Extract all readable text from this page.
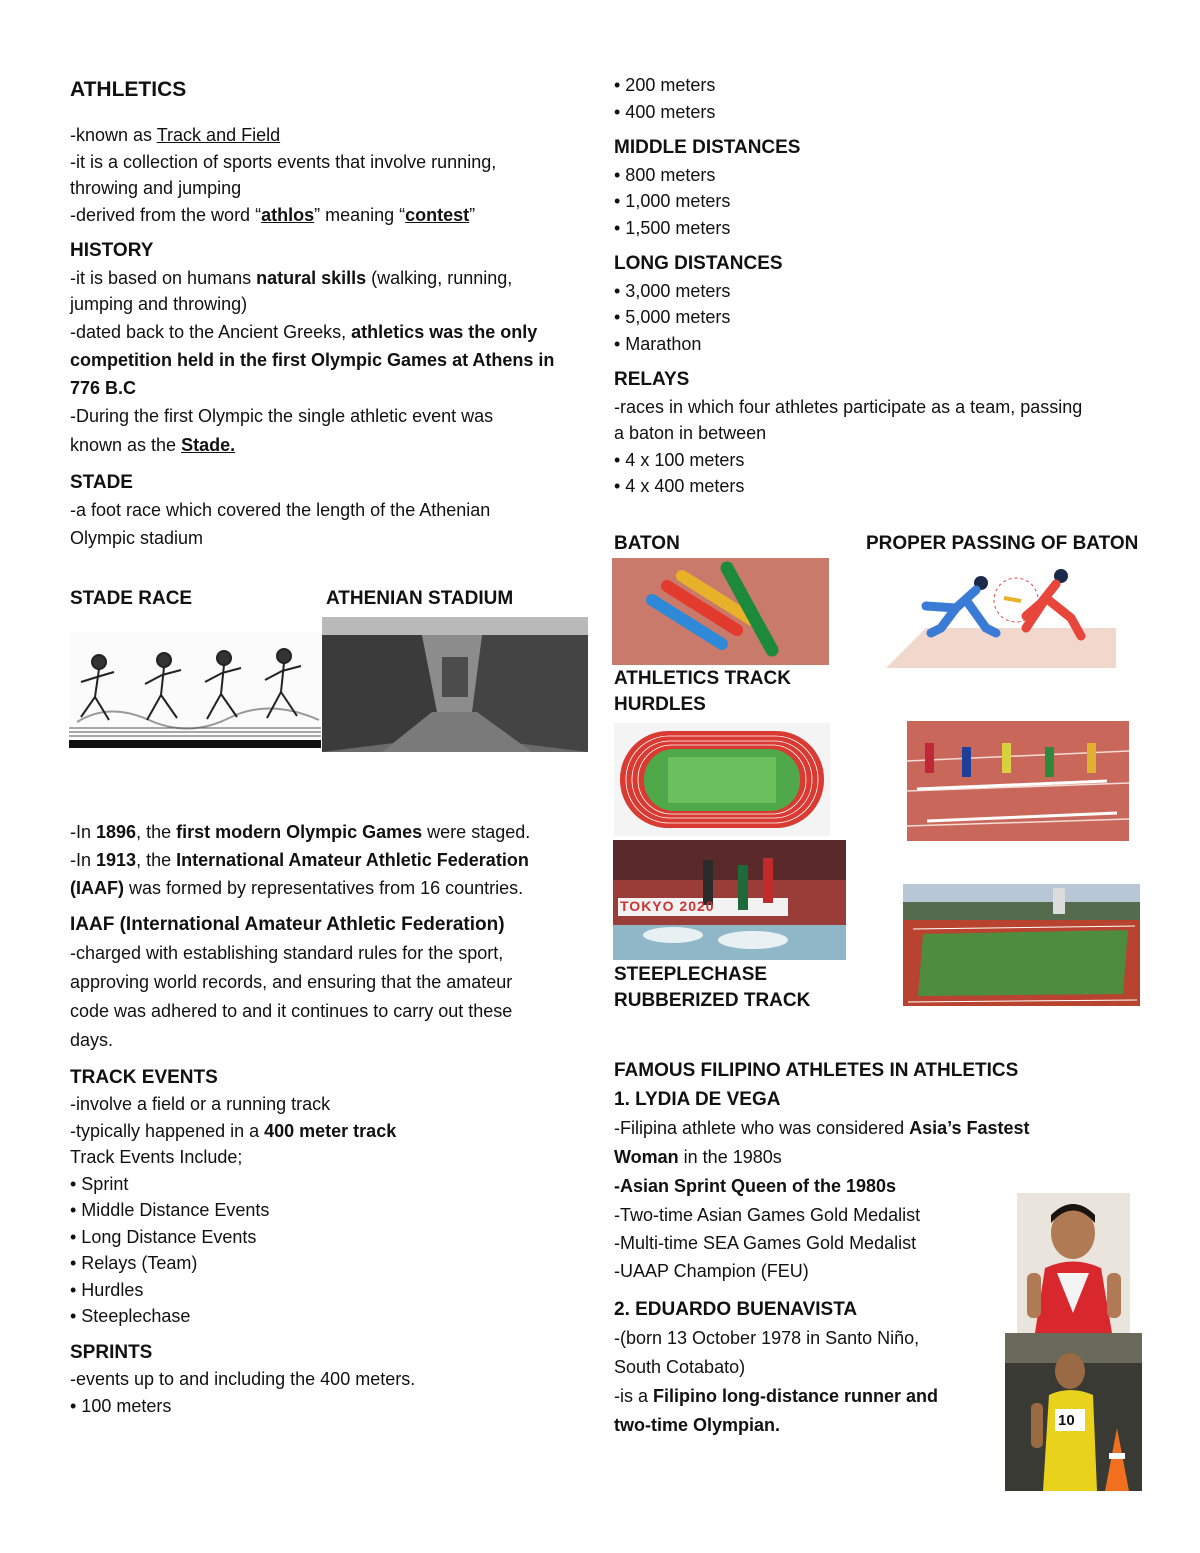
ATHLETICS

-known as Track and Field

-it is a collection of sports events that involve running,

throwing and jumping

-derived from the word “athlos” meaning “contest”

HISTORY

-it is based on humans natural skills (walking, running,

jumping and throwing)

-dated back to the Ancient Greeks, athletics was the only

competition held in the first Olympic Games at Athens in

776 B.C

-During the first Olympic the single athletic event was

known as the Stade.

STADE

-a foot race which covered the length of the Athenian

Olympic stadium

STADE RACE	ATHENIAN STADIUM

-In 1896, the first modern Olympic Games were staged.

-In 1913, the International Amateur Athletic Federation

(IAAF) was formed by representatives from 16 countries.

IAAF (International Amateur Athletic Federation)

-charged with establishing standard rules for the sport,

approving world records, and ensuring that the amateur

code was adhered to and it continues to carry out these

days.

TRACK EVENTS

-involve a field or a running track

-typically happened in a 400 meter track

Track Events Include;

• Sprint

• Middle Distance Events

• Long Distance Events

• Relays (Team)

• Hurdles

• Steeplechase

SPRINTS

-events up to and including the 400 meters.

• 100 meters

• 200 meters

• 400 meters

MIDDLE DISTANCES

• 800 meters

• 1,000 meters

• 1,500 meters

LONG DISTANCES

• 3,000 meters

• 5,000 meters

• Marathon

RELAYS

-races in which four athletes participate as a team, passing

a baton in between

• 4 x 100 meters

• 4 x 400 meters

BATON	PROPER PASSING OF BATON
ATHLETICS TRACK
HURDLES
TOKYO 2020
STEEPLECHASE
RUBBERIZED TRACK

FAMOUS FILIPINO ATHLETES IN ATHLETICS

1. LYDIA DE VEGA

-Filipina athlete who was considered Asia’s Fastest

Woman in the 1980s

-Asian Sprint Queen of the 1980s

-Two-time Asian Games Gold Medalist

-Multi-time SEA Games Gold Medalist

-UAAP Champion (FEU)

2. EDUARDO BUENAVISTA

-(born 13 October 1978 in Santo Niño,

South Cotabato)

-is a Filipino long-distance runner and

two-time Olympian.	10
